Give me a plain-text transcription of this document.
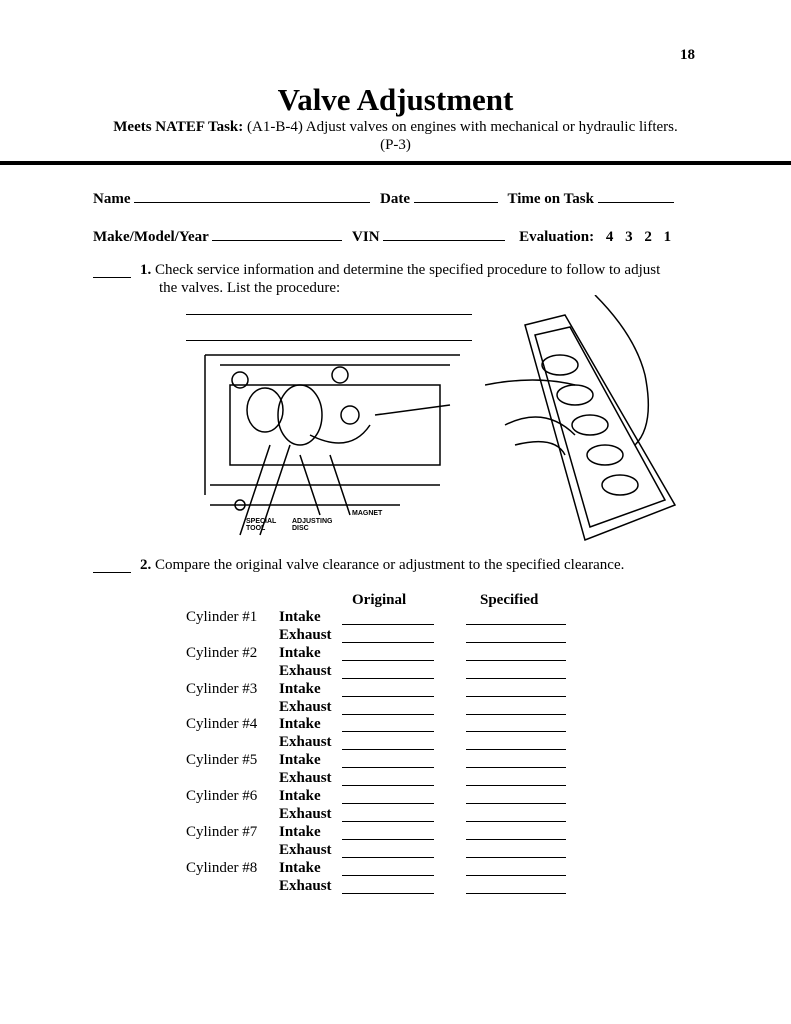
18
Valve Adjustment
Meets NATEF Task: (A1-B-4) Adjust valves on engines with mechanical or hydraulic lifters.
(P-3)
Name	Date	Time on Task
Make/Model/Year	VIN	Evaluation: 4 3 2 1
1. Check service information and determine the specified procedure to follow to adjust
the valves. List the procedure:
SPECIAL TOOL
ADJUSTING DISC
MAGNET
2. Compare the original valve clearance or adjustment to the specified clearance.
Original	Specified
Cylinder #1 Intake
Exhaust
Cylinder #2 Intake
Exhaust
Cylinder #3 Intake
Exhaust
Cylinder #4 Intake
Exhaust
Cylinder #5 Intake
Exhaust
Cylinder #6 Intake
Exhaust
Cylinder #7 Intake
Exhaust
Cylinder #8 Intake
Exhaust
